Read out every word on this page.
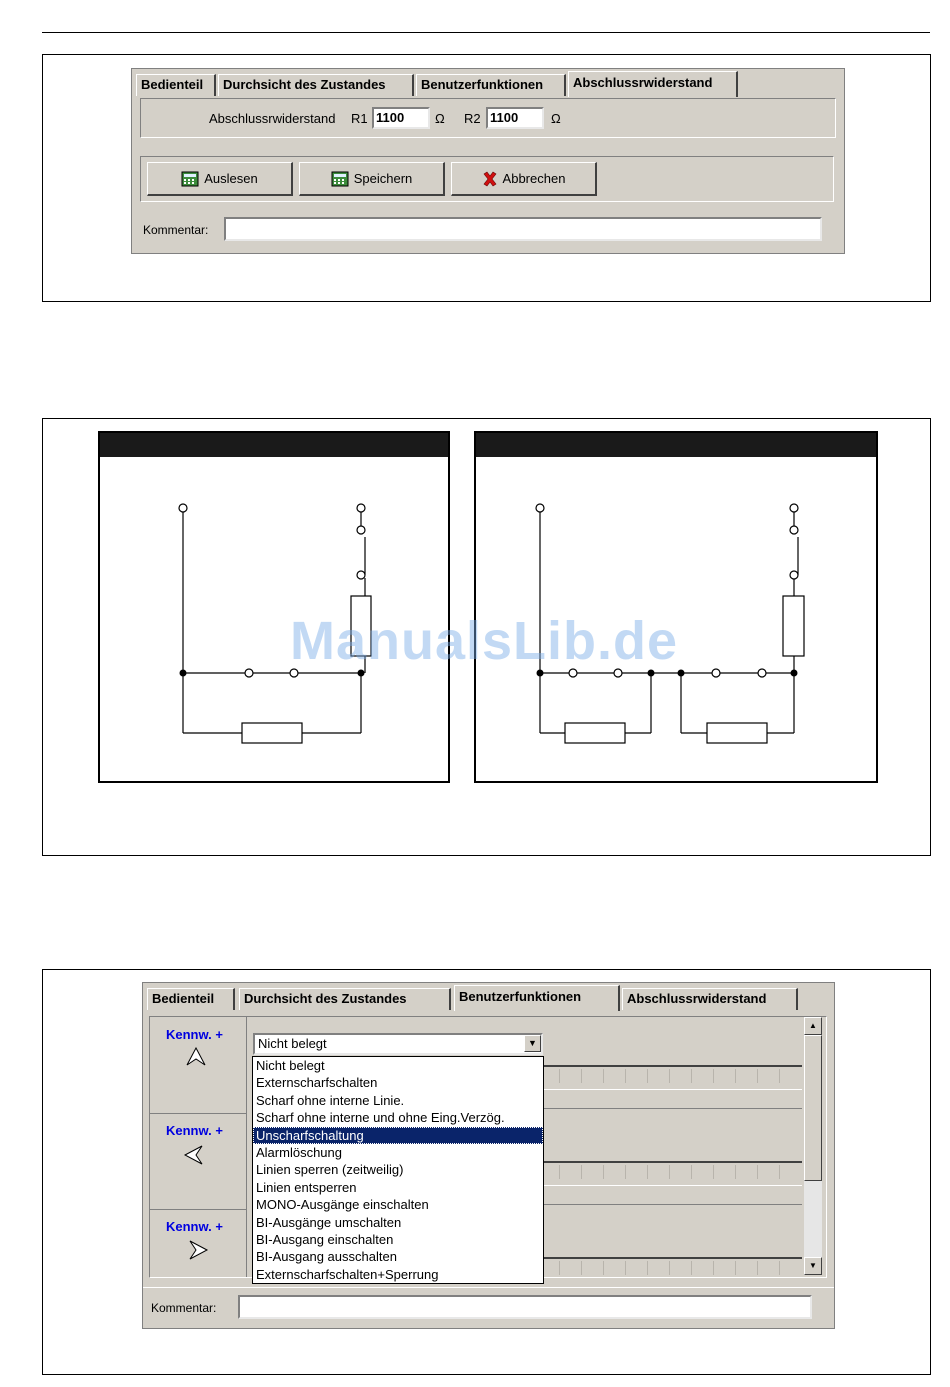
Bedienteil	Durchsicht des Zustandes	Benutzerfunktionen	Abschlussrwiderstand
Abschlussrwiderstand R1 1100	Ω R2 1100	Ω
Auslesen	Speichern	Abbrechen
Kommentar:
ManualsLib.de
Bedienteil	Durchsicht des Zustandes	Benutzerfunktionen	Abschlussrwiderstand
Kennw. +
Kennw. +
Kennw. +
▲
▼
Nicht belegt	▼
Nicht belegt
Externscharfschalten
Scharf ohne interne Linie.
Scharf ohne interne und ohne Eing.Verzög.
Unscharfschaltung
Alarmlöschung
Linien sperren (zeitweilig)
Linien entsperren
MONO-Ausgänge einschalten
BI-Ausgänge umschalten
BI-Ausgang einschalten
BI-Ausgang ausschalten
Externscharfschalten+Sperrung
Kommentar:
